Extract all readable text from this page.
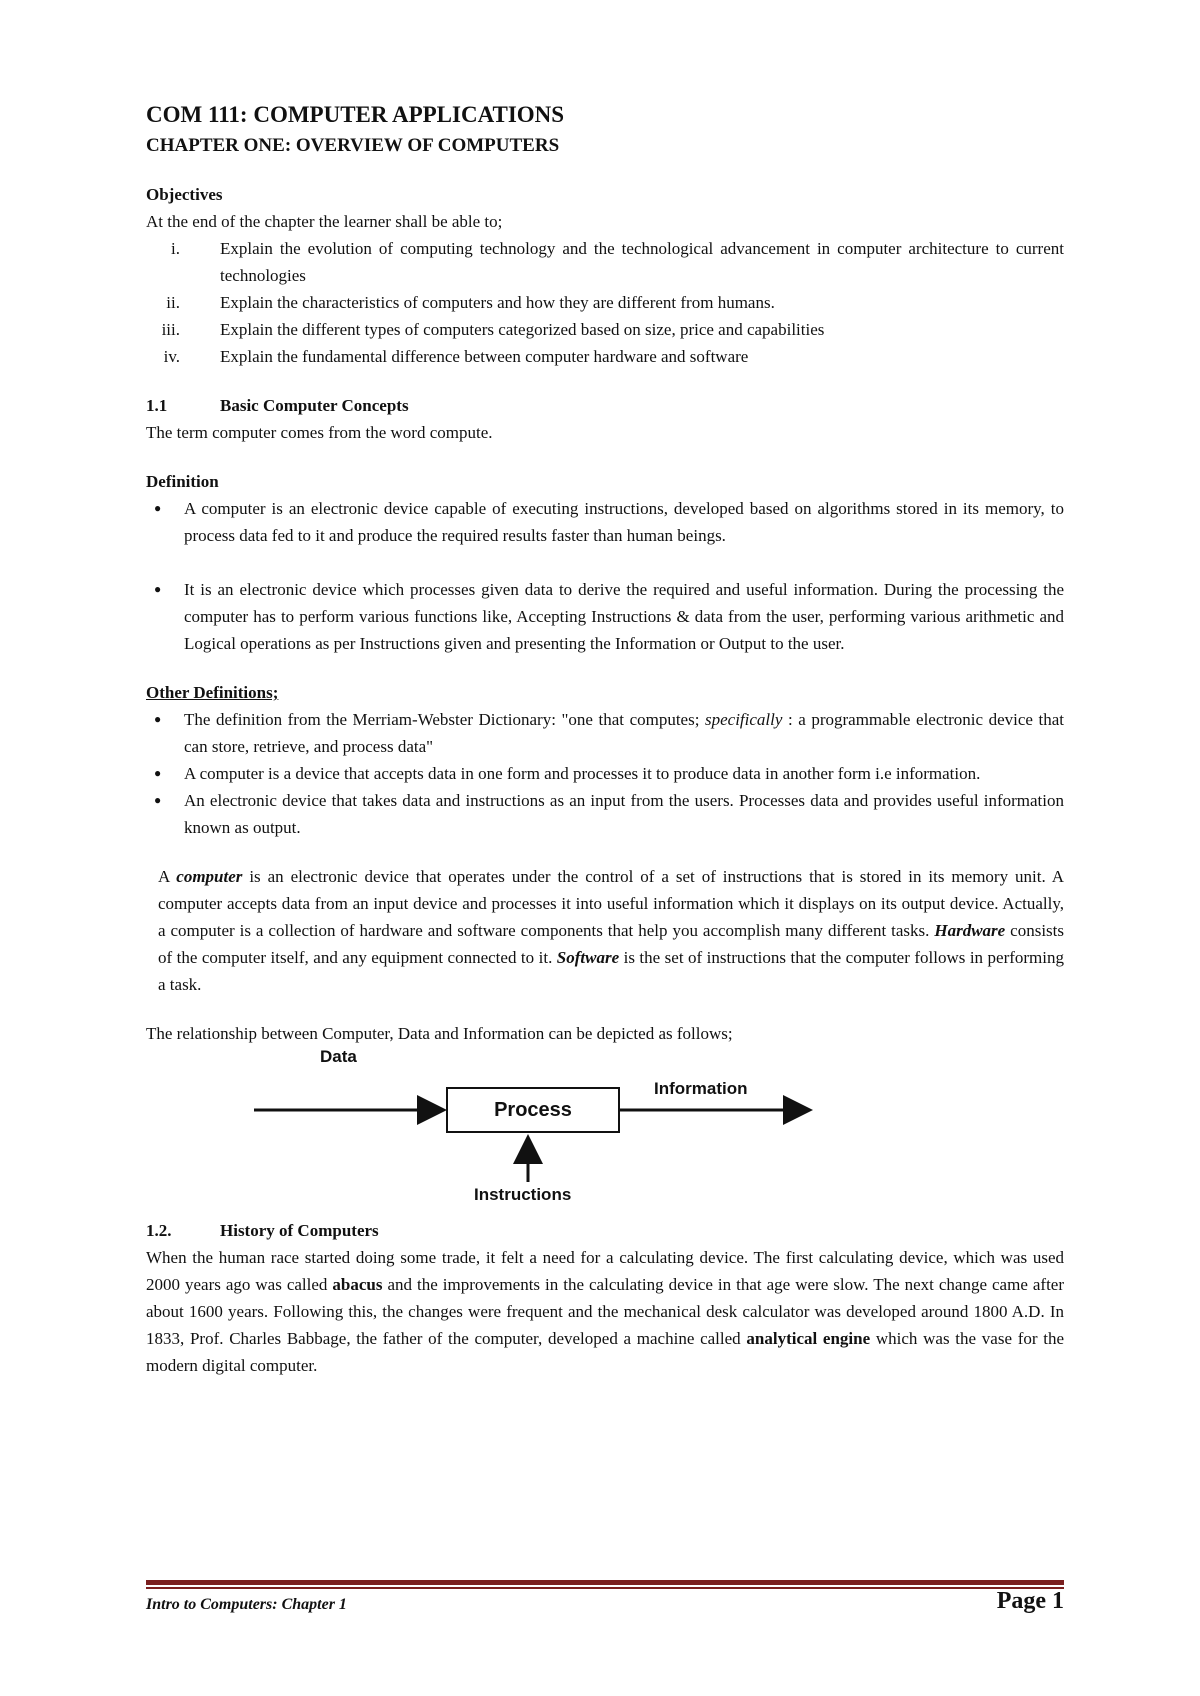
COM 111: COMPUTER APPLICATIONS

CHAPTER ONE: OVERVIEW OF COMPUTERS

Objectives

At the end of the chapter the learner shall be able to;

i. Explain the evolution of computing technology and the technological advancement in computer architecture to current technologies
ii. Explain the characteristics of computers and how they are different from humans.
iii. Explain the different types of computers categorized based on size, price and capabilities
iv. Explain the fundamental difference between computer hardware and software

1.1	Basic Computer Concepts

The term computer comes from the word compute.

Definition

● A computer is an electronic device capable of executing instructions, developed based on algorithms stored in its memory, to process data fed to it and produce the required results faster than human beings.
● It is an electronic device which processes given data to derive the required and useful information. During the processing the computer has to perform various functions like, Accepting Instructions & data from the user, performing various arithmetic and Logical operations as per Instructions given and presenting the Information or Output to the user.

Other Definitions;

● The definition from the Merriam-Webster Dictionary: "one that computes; specifically : a programmable electronic device that can store, retrieve, and process data"
● A computer is a device that accepts data in one form and processes it to produce data in another form i.e information.
● An electronic device that takes data and instructions as an input from the users. Processes data and provides useful information known as output.

A computer is an electronic device that operates under the control of a set of instructions that is stored in its memory unit. A computer accepts data from an input device and processes it into useful information which it displays on its output device. Actually, a computer is a collection of hardware and software components that help you accomplish many different tasks. Hardware consists of the computer itself, and any equipment connected to it. Software is the set of instructions that the computer follows in performing a task.

The relationship between Computer, Data and Information can be depicted as follows;

Data
Process
Information
Instructions

1.2.	History of Computers

When the human race started doing some trade, it felt a need for a calculating device. The first calculating device, which was used 2000 years ago was called abacus and the improvements in the calculating device in that age were slow. The next change came after about 1600 years. Following this, the changes were frequent and the mechanical desk calculator was developed around 1800 A.D. In 1833, Prof. Charles Babbage, the father of the computer, developed a machine called analytical engine which was the vase for the modern digital computer.

Intro to Computers: Chapter 1	Page 1
